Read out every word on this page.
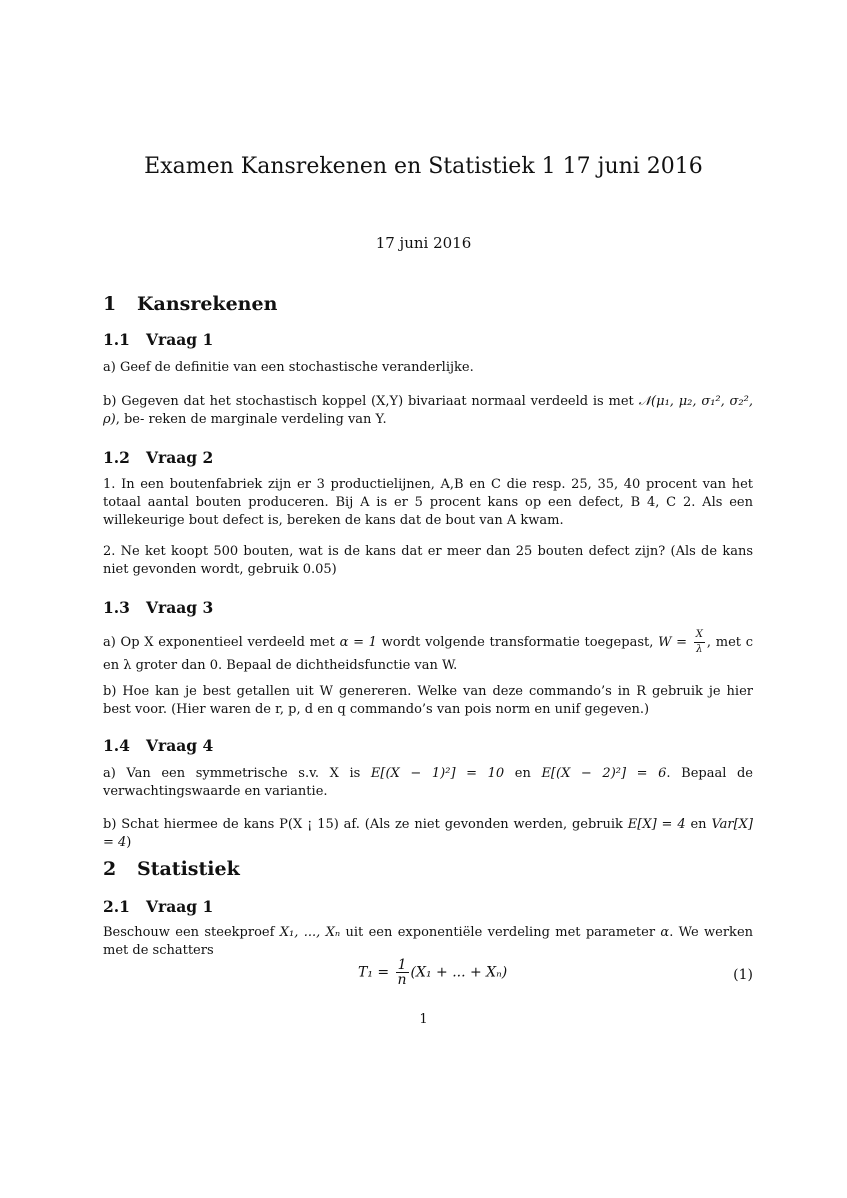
Examen Kansrekenen en Statistiek 1 17 juni 2016
17 juni 2016
1 Kansrekenen
1.1 Vraag 1
a) Geef de definitie van een stochastische veranderlijke.
b) Gegeven dat het stochastisch koppel (X,Y) bivariaat normaal verdeeld is met 𝒩(μ₁, μ₂, σ₁², σ₂², ρ), be- reken de marginale verdeling van Y.
1.2 Vraag 2
1. In een boutenfabriek zijn er 3 productielijnen, A,B en C die resp. 25, 35, 40 procent van het totaal aantal bouten produceren. Bij A is er 5 procent kans op een defect, B 4, C 2. Als een willekeurige bout defect is, bereken de kans dat de bout van A kwam.
2. Ne ket koopt 500 bouten, wat is de kans dat er meer dan 25 bouten defect zijn? (Als de kans niet gevonden wordt, gebruik 0.05)
1.3 Vraag 3
a) Op X exponentieel verdeeld met α = 1 wordt volgende transformatie toegepast, $W = \frac{X}{\lambda}$ , met c en λ groter dan 0. Bepaal de dichtheidsfunctie van W.
b) Hoe kan je best getallen uit W genereren. Welke van deze commando’s in R gebruik je hier best voor. (Hier waren de r, p, d en q commando’s van pois norm en unif gegeven.)
1.4 Vraag 4
a) Van een symmetrische s.v. X is E[(X − 1)²] = 10 en E[(X − 2)²] = 6. Bepaal de verwachtingswaarde en variantie.
b) Schat hiermee de kans P(X ¡ 15) af. (Als ze niet gevonden werden, gebruik E[X] = 4 en Var[X] = 4)
2 Statistiek
2.1 Vraag 1
Beschouw een steekproef X₁, ..., Xₙ uit een exponentiële verdeling met parameter α. We werken met de schatters
$T_1 = \frac{1}{n} (X_1$ + ... + Xₙ)	(1)
1
